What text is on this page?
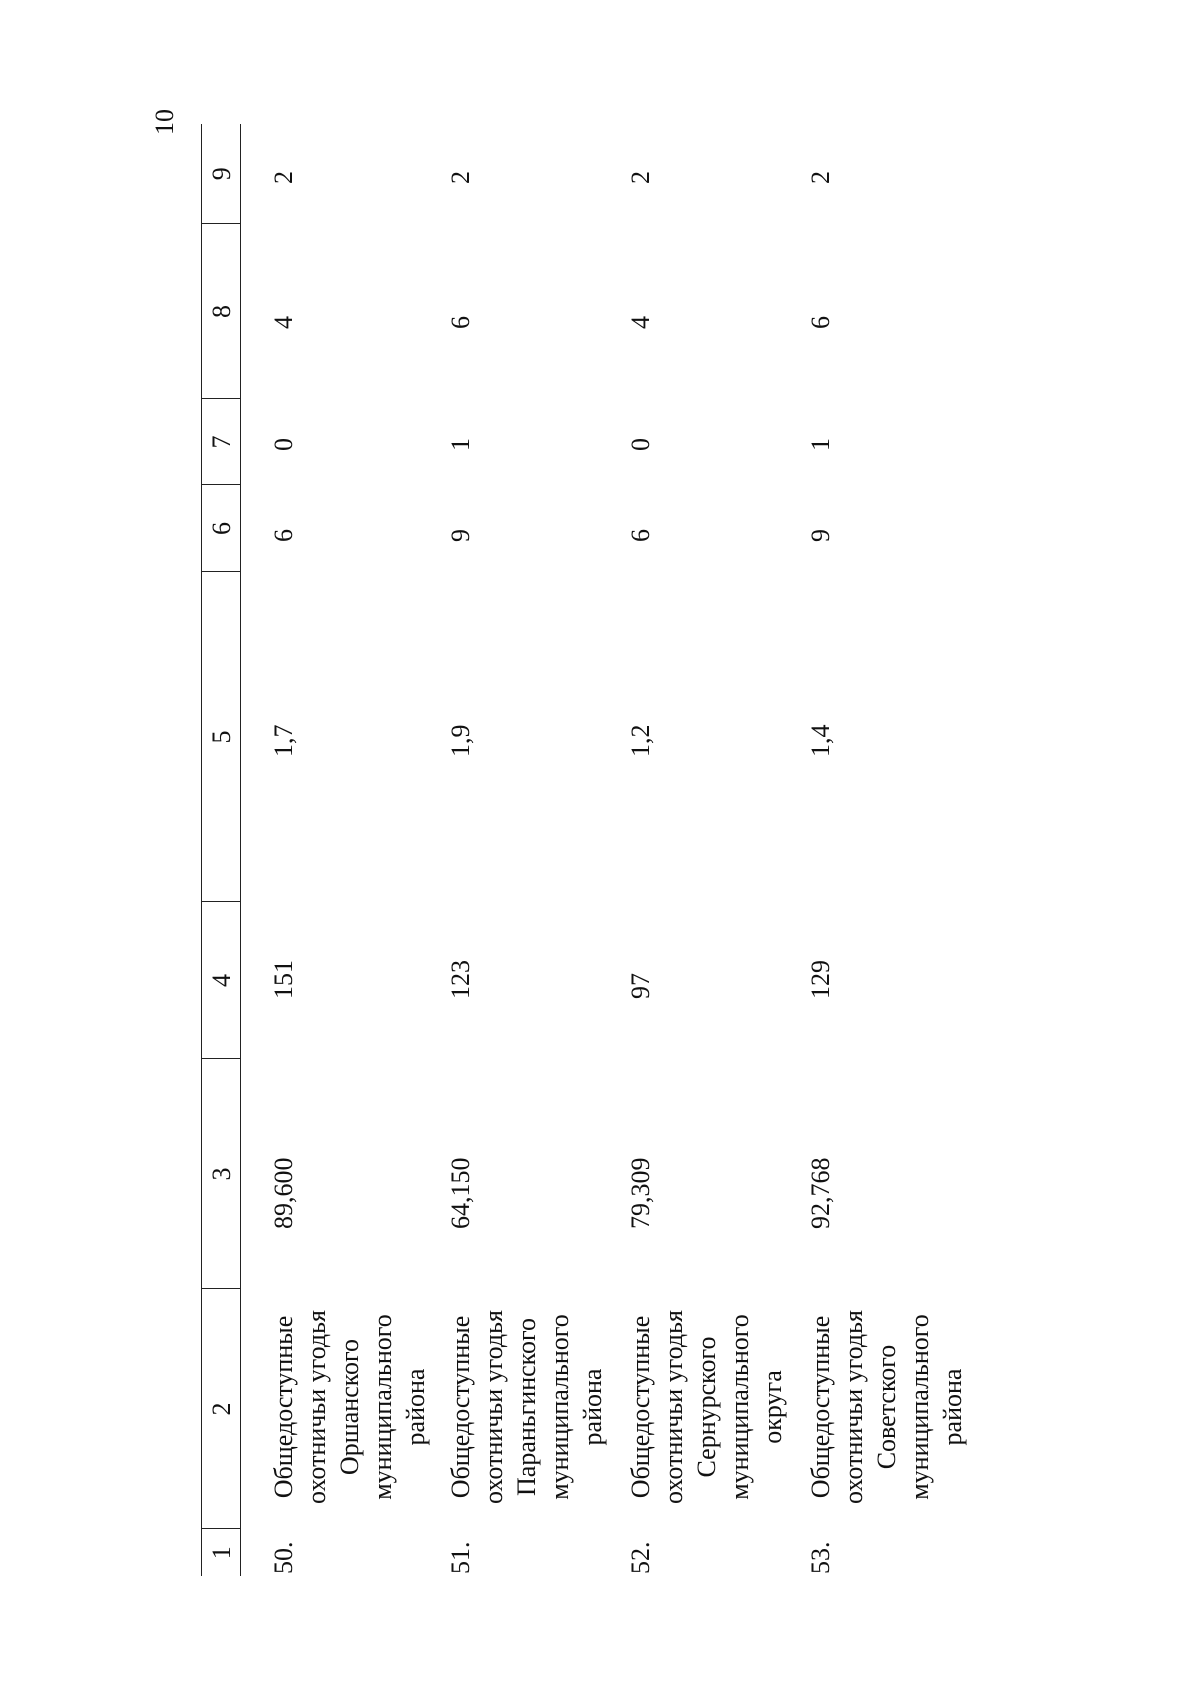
10
1	2	3	4	5	6	7	8	9
50.	Общедоступные охотничьи угодья Оршанского муниципального района	89,600	151	1,7	6	0	4	2
51.	Общедоступные охотничьи угодья Параньгинского муниципального района	64,150	123	1,9	9	1	6	2
52.	Общедоступные охотничьи угодья Сернурского муниципального округа	79,309	97	1,2	6	0	4	2
53.	Общедоступные охотничьи угодья Советского муниципального района	92,768	129	1,4	9	1	6	2
